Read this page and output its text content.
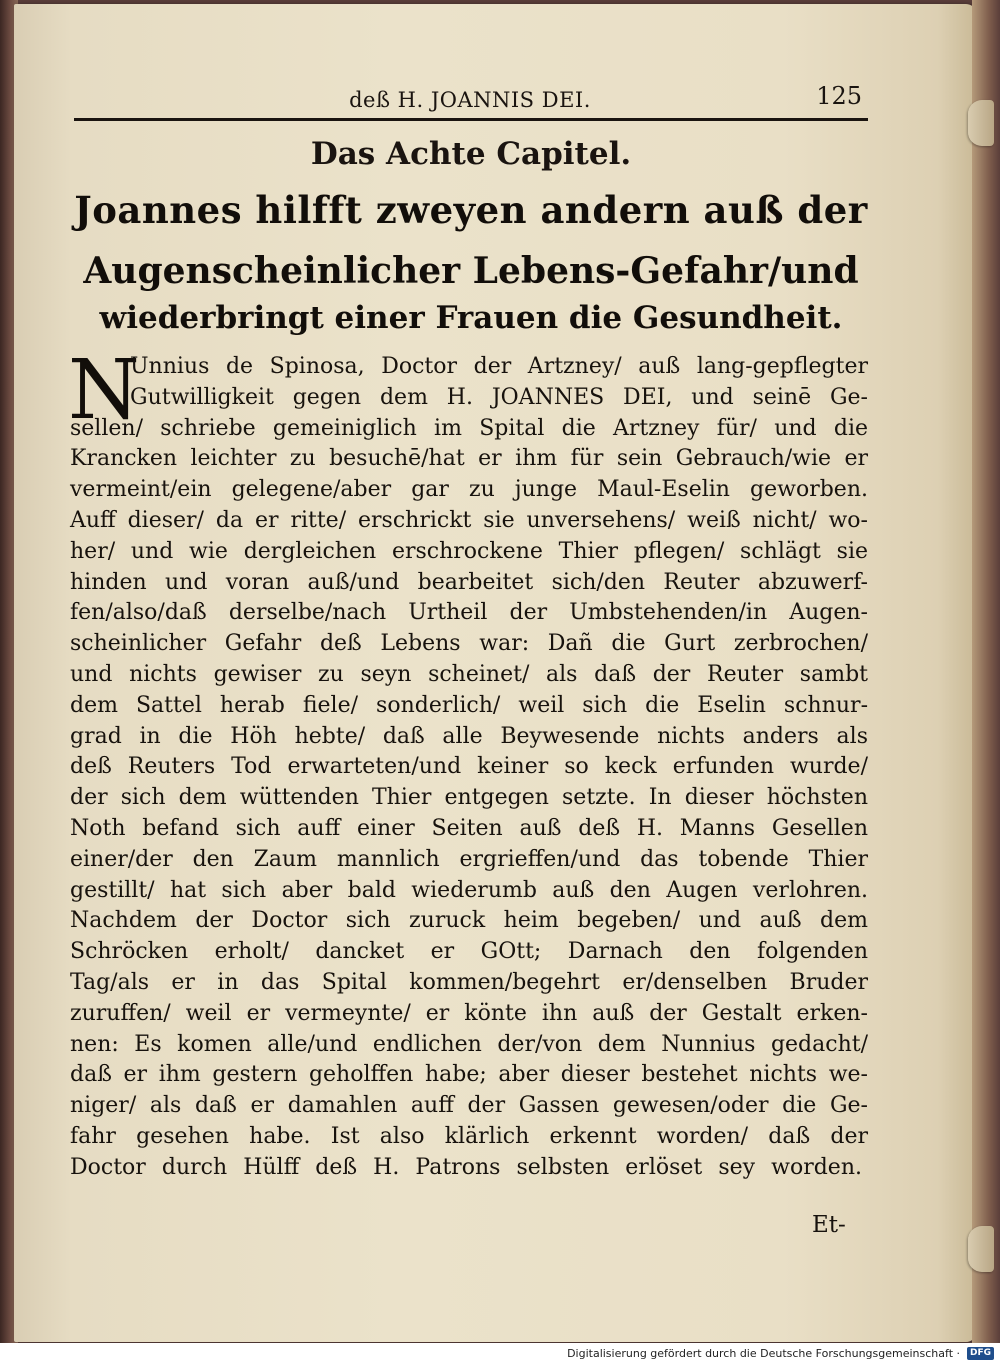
deß H. JOANNIS DEI.	125
Das Achte Capitel.
Joannes hilfft zweyen andern auß der
Augenscheinlicher Lebens-Gefahr/und
wiederbringt einer Frauen die Gesundheit.
N
Unnius de Spinosa, Doctor der Artzney/ auß lang-gepflegter
Gutwilligkeit gegen dem H. JOANNES DEI, und seinē Ge-
sellen/ schriebe gemeiniglich im Spital die Artzney für/ und die
Krancken leichter zu besuchē/hat er ihm für sein Gebrauch/wie er
vermeint/ein gelegene/aber gar zu junge Maul-Eselin geworben.
Auff dieser/ da er ritte/ erschrickt sie unversehens/ weiß nicht/ wo-
her/ und wie dergleichen erschrockene Thier pflegen/ schlägt sie
hinden und voran auß/und bearbeitet sich/den Reuter abzuwerf-
fen/also/daß derselbe/nach Urtheil der Umbstehenden/in Augen-
scheinlicher Gefahr deß Lebens war: Dañ die Gurt zerbrochen/
und nichts gewiser zu seyn scheinet/ als daß der Reuter sambt
dem Sattel herab fiele/ sonderlich/ weil sich die Eselin schnur-
grad in die Höh hebte/ daß alle Beywesende nichts anders als
deß Reuters Tod erwarteten/und keiner so keck erfunden wurde/
der sich dem wüttenden Thier entgegen setzte. In dieser höchsten
Noth befand sich auff einer Seiten auß deß H. Manns Gesellen
einer/der den Zaum mannlich ergrieffen/und das tobende Thier
gestillt/ hat sich aber bald wiederumb auß den Augen verlohren.
Nachdem der Doctor sich zuruck heim begeben/ und auß dem
Schröcken erholt/ dancket er GOtt; Darnach den folgenden
Tag/als er in das Spital kommen/begehrt er/denselben Bruder
zuruffen/ weil er vermeynte/ er könte ihn auß der Gestalt erken-
nen: Es komen alle/und endlichen der/von dem Nunnius gedacht/
daß er ihm gestern geholffen habe; aber dieser bestehet nichts we-
niger/ als daß er damahlen auff der Gassen gewesen/oder die Ge-
fahr gesehen habe. Ist also klärlich erkennt worden/ daß der
Doctor durch Hülff deß H. Patrons selbsten erlöset sey worden.
Et-
Digitalisierung gefördert durch die Deutsche Forschungsgemeinschaft ·	DFG
